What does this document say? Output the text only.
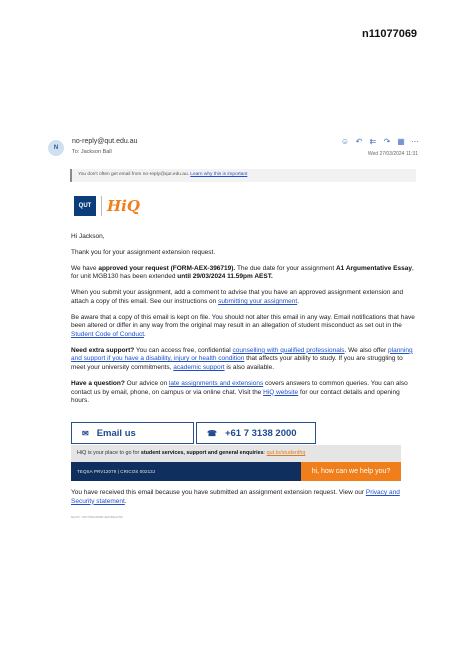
n11077069
N
no-reply@qut.edu.au
To: Jackson Ball
☺ ↶ ⇇ ↷ ▦ ⋯
Wed 27/03/2024 11:31
You don't often get email from no-reply@qut.edu.au. Learn why this is important
QUT	HiQ

Hi Jackson,

Thank you for your assignment extension request.

We have approved your request (FORM-AEX-396719). The due date for your assignment A1 Argumentative Essay, for unit MGB130 has been extended until 29/03/2024 11.59pm AEST.

When you submit your assignment, add a comment to advise that you have an approved assignment extension and attach a copy of this email. See our instructions on submitting your assignment.

Be aware that a copy of this email is kept on file. You should not alter this email in any way. Email notifications that have been altered or differ in any way from the original may result in an allegation of student misconduct as set out in the Student Code of Conduct.

Need extra support? You can access free, confidential counselling with qualified professionals. We also offer planning and support if you have a disability, injury or health condition that affects your ability to study. If you are struggling to meet your university commitments, academic support is also available.

Have a question? Our advice on late assignments and extensions covers answers to common queries. You can also contact us by email, phone, on campus or via online chat. Visit the HiQ website for our contact details and opening hours.

✉ Email us	☎ +61 7 3138 2000
HiQ is your place to go for student services, support and general enquiries: qut.to/studenthq
TEQSA PRV12079 | CRICOS 00213J	hi, how can we help you?
You have received this email because you have submitted an assignment extension request. View our Privacy and Security statement.
Ref ID: 72077082-f0b9ff-4a0f-89e3-f90
